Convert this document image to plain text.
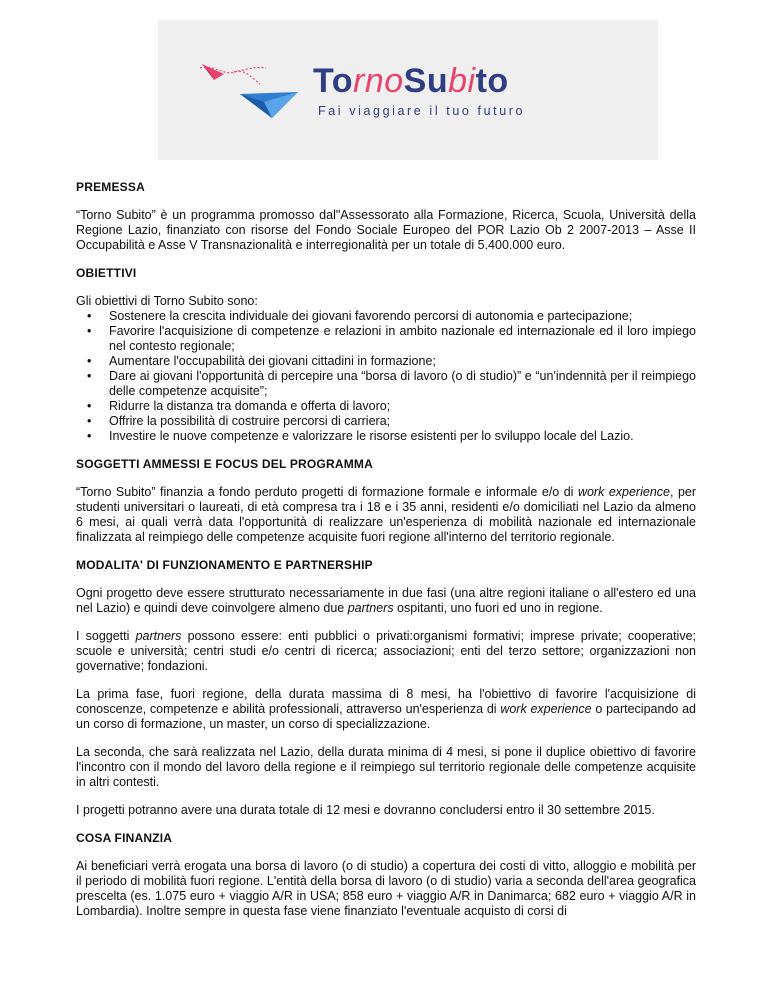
TornoSubito
Fai viaggiare il tuo futuro
PREMESSA

“Torno Subito” è un programma promosso dal"Assessorato alla Formazione, Ricerca, Scuola, Università della Regione Lazio, finanziato con risorse del Fondo Sociale Europeo del POR Lazio Ob 2 2007-2013 – Asse II Occupabilità e Asse V Transnazionalità e interregionalità per un totale di 5.400.000 euro.

OBIETTIVI

Gli obiettivi di Torno Subito sono:

• Sostenere la crescita individuale dei giovani favorendo percorsi di autonomia e partecipazione;
• Favorire l'acquisizione di competenze e relazioni in ambito nazionale ed internazionale ed il loro impiego nel contesto regionale;
• Aumentare l'occupabilità dei giovani cittadini in formazione;
• Dare ai giovani l'opportunità di percepire una “borsa di lavoro (o di studio)” e “un'indennità per il reimpiego delle competenze acquisite”;
• Ridurre la distanza tra domanda e offerta di lavoro;
• Offrire la possibilità di costruire percorsi di carriera;
• Investire le nuove competenze e valorizzare le risorse esistenti per lo sviluppo locale del Lazio.
SOGGETTI AMMESSI E FOCUS DEL PROGRAMMA

“Torno Subito” finanzia a fondo perduto progetti di formazione formale e informale e/o di work experience, per studenti universitari o laureati, di età compresa tra i 18 e i 35 anni, residenti e/o domiciliati nel Lazio da almeno 6 mesi, ai quali verrà data l'opportunità di realizzare un'esperienza di mobilità nazionale ed internazionale finalizzata al reimpiego delle competenze acquisite fuori regione all'interno del territorio regionale.

MODALITA' DI FUNZIONAMENTO E PARTNERSHIP

Ogni progetto deve essere strutturato necessariamente in due fasi (una altre regioni italiane o all'estero ed una nel Lazio) e quindi deve coinvolgere almeno due partners ospitanti, uno fuori ed uno in regione.

I soggetti partners possono essere: enti pubblici o privati:organismi formativi; imprese private; cooperative; scuole e università; centri studi e/o centri di ricerca; associazioni; enti del terzo settore; organizzazioni non governative; fondazioni.

La prima fase, fuori regione, della durata massima di 8 mesi, ha l'obiettivo di favorire l'acquisizione di conoscenze, competenze e abilità professionali, attraverso un'esperienza di work experience o partecipando ad un corso di formazione, un master, un corso di specializzazione.

La seconda, che sarà realizzata nel Lazio, della durata minima di 4 mesi, si pone il duplice obiettivo di favorire l'incontro con il mondo del lavoro della regione e il reimpiego sul territorio regionale delle competenze acquisite in altri contesti.

I progetti potranno avere una durata totale di 12 mesi e dovranno concludersi entro il 30 settembre 2015.

COSA FINANZIA

Ai beneficiari verrà erogata una borsa di lavoro (o di studio) a copertura dei costi di vitto, alloggio e mobilità per il periodo di mobilità fuori regione. L'entità della borsa di lavoro (o di studio) varia a seconda dell'area geografica prescelta (es. 1.075 euro + viaggio A/R in USA; 858 euro + viaggio A/R in Danimarca; 682 euro + viaggio A/R in Lombardia). Inoltre sempre in questa fase viene finanziato l'eventuale acquisto di corsi di
